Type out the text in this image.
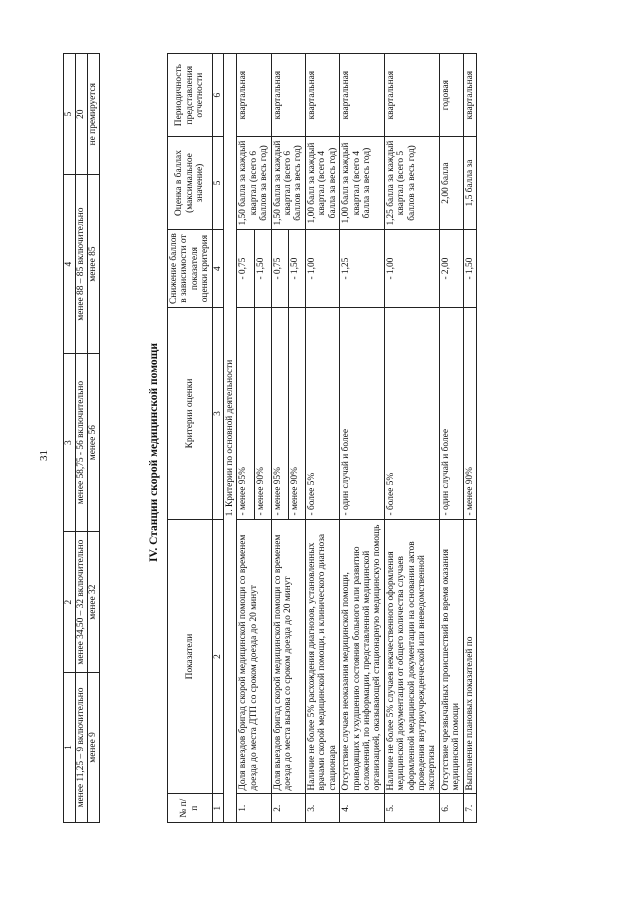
31
1	2	3	4	5
менее 11,25 – 9 включительно	менее 34,50 – 32 включительно	менее 58,75 - 56 включительно	менее 88 – 85 включительно	20
менее 9	менее 32	менее 56	менее 85	не премируется
IV. Станции скорой медицинской помощи
№ п/п	Показатели	Критерии оценки	Снижение баллов в зависимости от показателя оценки критерия	Оценка в баллах (максимальное значение)	Периодичность представления отчетности
1	2	3	4	5	6
1. Критерии по основной деятельности					
1.	Доля выездов бригад скорой медицинской помощи со временем доезда до места ДТП со сроком доезда до 20 минут	- менее 95%	- 0,75	1,50 балла за каждый квартал (всего 6 баллов за весь год)	квартальная
		- менее 90%	- 1,50		
2.	Доля выездов бригад скорой медицинской помощи со временем доезда до места вызова со сроком доезда до 20 минут	- менее 95%	- 0,75	1,50 балла за каждый квартал (всего 6 баллов за весь год)	квартальная
		- менее 90%	- 1,50		
3.	Наличие не более 5% расхождения диагнозов, установленных врачами скорой медицинской помощи, и клинического диагноза стационара	- более 5%	- 1,00	1,00 балл за каждый квартал (всего 4 балла за весь год)	квартальная
4.	Отсутствие случаев неоказания медицинской помощи, приводящих к ухудшению состояния больного или развитию осложнений, по информации, представленной медицинской организацией, оказывающей стационарную медицинскую помощь	- один случай и более	- 1,25	1,00 балл за каждый квартал (всего 4 балла за весь год)	квартальная
5.	Наличие не более 5% случаев некачественного оформления медицинской документации от общего количества случаев оформленной медицинской документации на основании актов проведения внутриучрежденческой или вневедомственной экспертизы	- более 5%	- 1,00	1,25 балла за каждый квартал (всего 5 баллов за весь год)	квартальная
6.	Отсутствие чрезвычайных происшествий во время оказания медицинской помощи	- один случай и более	- 2,00	2,00 балла	годовая
7.	Выполнение плановых показателей по	- менее 90%	- 1,50	1,5 балла за	квартальная
